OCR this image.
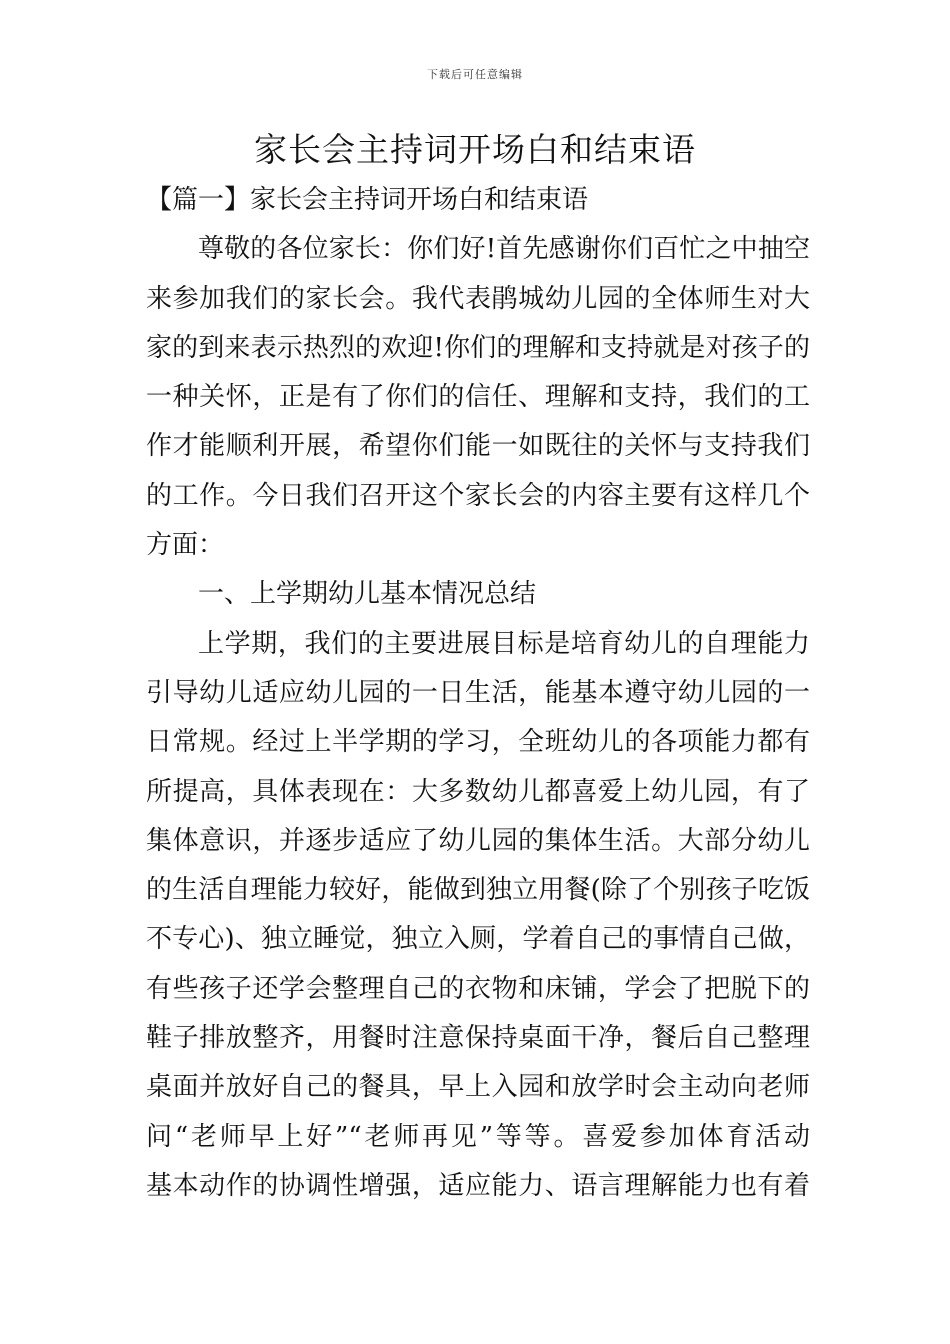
下载后可任意编辑
家长会主持词开场白和结束语
【篇一】家长会主持词开场白和结束语
尊敬的各位家长：你们好!首先感谢你们百忙之中抽空
来参加我们的家长会。我代表鹃城幼儿园的全体师生对大
家的到来表示热烈的欢迎!你们的理解和支持就是对孩子的
一种关怀，正是有了你们的信任、理解和支持，我们的工
作才能顺利开展，希望你们能一如既往的关怀与支持我们
的工作。今日我们召开这个家长会的内容主要有这样几个
方面：
一、上学期幼儿基本情况总结
上学期，我们的主要进展目标是培育幼儿的自理能力
引导幼儿适应幼儿园的一日生活，能基本遵守幼儿园的一
日常规。经过上半学期的学习，全班幼儿的各项能力都有
所提高，具体表现在：大多数幼儿都喜爱上幼儿园，有了
集体意识，并逐步适应了幼儿园的集体生活。大部分幼儿
的生活自理能力较好，能做到独立用餐(除了个别孩子吃饭
不专心)、独立睡觉，独立入厕，学着自己的事情自己做，
有些孩子还学会整理自己的衣物和床铺，学会了把脱下的
鞋子排放整齐，用餐时注意保持桌面干净，餐后自己整理
桌面并放好自己的餐具，早上入园和放学时会主动向老师
问“老师早上好”“老师再见”等等。喜爱参加体育活动
基本动作的协调性增强，适应能力、语言理解能力也有着
